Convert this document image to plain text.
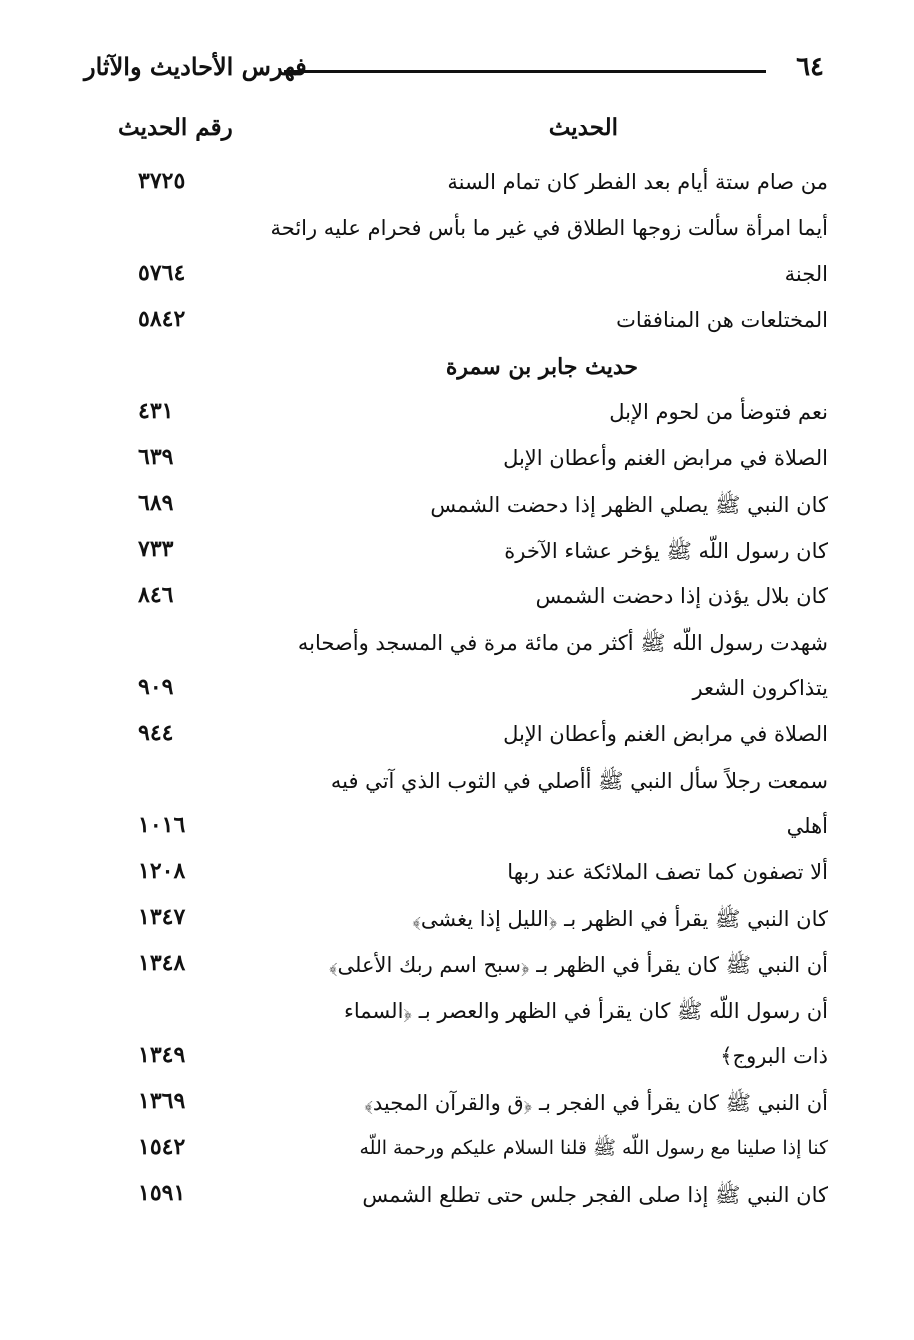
٦٤
فهرس الأحاديث والآثار
الحديث
رقم الحديث
من صام ستة أيام بعد الفطر كان تمام السنة
٣٧٢٥
أيما امرأة سألت زوجها الطلاق في غير ما بأس فحرام عليه رائحة
الجنة
٥٧٦٤
المختلعات هن المنافقات
٥٨٤٢
حديث جابر بن سمرة
نعم فتوضأ من لحوم الإبل
٤٣١
الصلاة في مرابض الغنم وأعطان الإبل
٦٣٩
كان النبي ﷺ يصلي الظهر إذا دحضت الشمس
٦٨٩
كان رسول اللّه ﷺ يؤخر عشاء الآخرة
٧٣٣
كان بلال يؤذن إذا دحضت الشمس
٨٤٦
شهدت رسول اللّه ﷺ أكثر من مائة مرة في المسجد وأصحابه
يتذاكرون الشعر
٩٠٩
الصلاة في مرابض الغنم وأعطان الإبل
٩٤٤
سمعت رجلاً سأل النبي ﷺ أأصلي في الثوب الذي آتي فيه
أهلي
١٠١٦
ألا تصفون كما تصف الملائكة عند ربها
١٢٠٨
كان النبي ﷺ يقرأ في الظهر بـ ﴿الليل إذا يغشى﴾
١٣٤٧
أن النبي ﷺ كان يقرأ في الظهر بـ ﴿سبح اسم ربك الأعلى﴾
١٣٤٨
أن رسول اللّه ﷺ كان يقرأ في الظهر والعصر بـ ﴿السماء
ذات البروج﴾
١٣٤٩
أن النبي ﷺ كان يقرأ في الفجر بـ ﴿ق والقرآن المجيد﴾
١٣٦٩
كنا إذا صلينا مع رسول اللّه ﷺ قلنا السلام عليكم ورحمة اللّه
١٥٤٢
كان النبي ﷺ إذا صلى الفجر جلس حتى تطلع الشمس
١٥٩١
